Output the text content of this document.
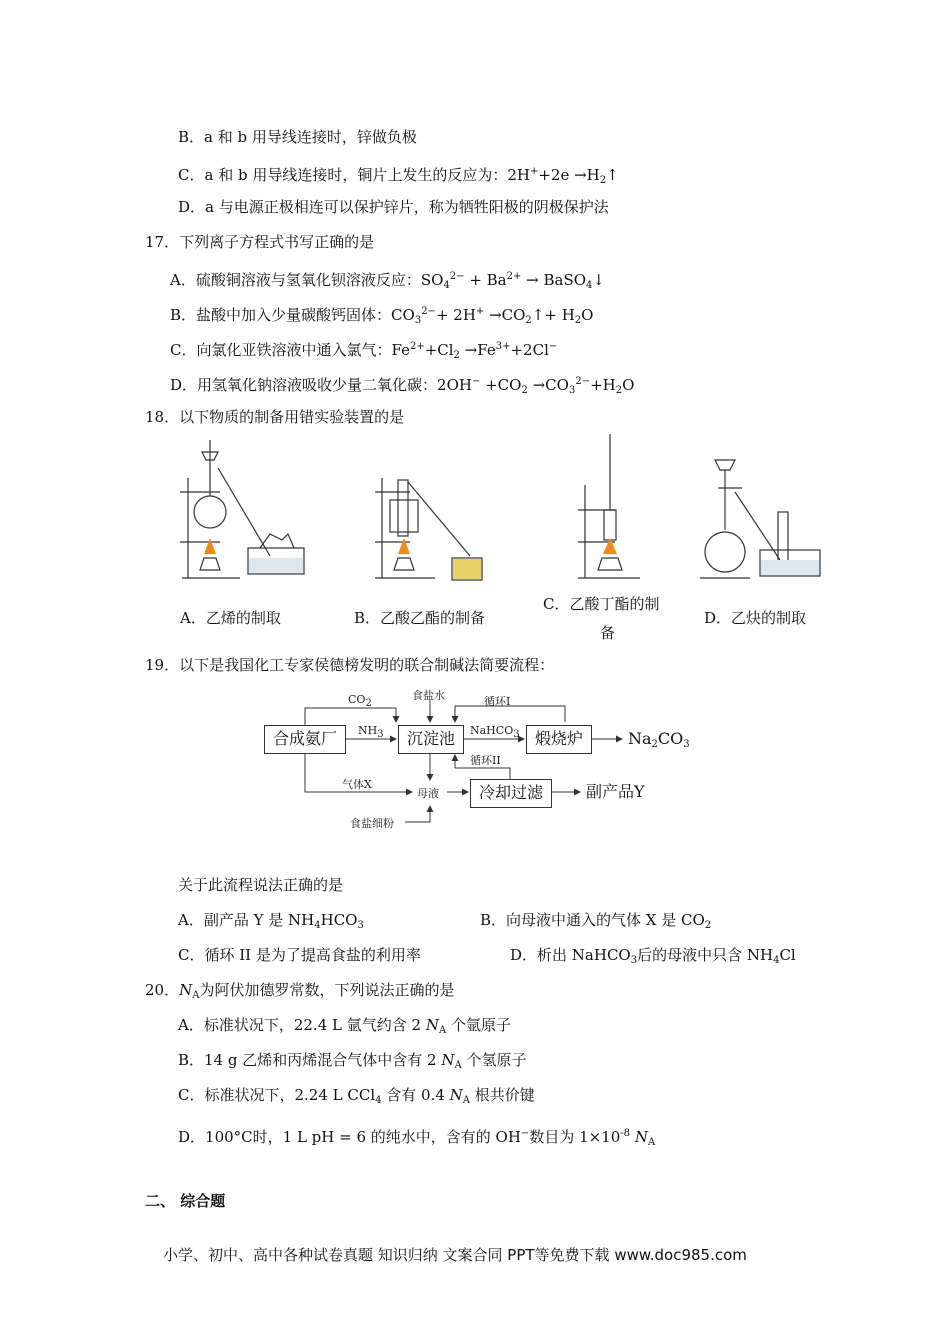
B．a 和 b 用导线连接时，锌做负极
C．a 和 b 用导线连接时，铜片上发生的反应为：$2H^++2e \to H_2↑$
D．a 与电源正极相连可以保护锌片，称为牺牲阳极的阴极保护法
17．下列离子方程式书写正确的是
A．硫酸铜溶液与氢氧化钡溶液反应：$SO_4^{2-} + Ba^{2+}$ → BaSO$_4$↓
B．盐酸中加入少量碳酸钙固体：$CO_3^{2-}+ 2H^+$ $\to CO_2↑+ H_2O$
C．向氯化亚铁溶液中通入氯气：$Fe^{2+}+Cl_2 \to Fe^{3+}+2Cl^-$
D．用氢氧化钠溶液吸收少量二氧化碳：$2OH^- +CO_2 \to CO_3^{2-}+H_2O$
18．以下物质的制备用错实验装置的是
A．乙烯的制取	B．乙酸乙酯的制备
C．乙酸丁酯的制
备
D．乙炔的制取
19．以下是我国化工专家侯德榜发明的联合制碱法简要流程：
合成氨厂	沉淀池	煅烧炉
冷却过滤
CO2
食盐水	循环I
NH3	NaHCO3
循环II
气体X
母液
食盐细粉
$Na_2CO_3$
副产品Y
关于此流程说法正确的是
A．副产品 Y 是 $NH_4HCO_3$	B．向母液中通入的气体 X 是 $CO_2$
C．循环 II 是为了提高食盐的利用率	D．析出 NaHCO$_3$后的母液中只含 $NH_4Cl$
20．$N_A$为阿伏加德罗常数，下列说法正确的是
A．标准状况下，22.4 L 氩气约含 2 $N_A$ 个氩原子
B．14 g 乙烯和丙烯混合气体中含有 2 $N_A$ 个氢原子
C．标准状况下，2.24 L CCl$_4$ 含有 0.4 $N_A$ 根共价键
D．100°C时，1 L pH = 6 的纯水中，含有的 OH−数目为 $1\times 10^{-8}$ $N_A$
二、 综合题
小学、初中、高中各种试卷真题 知识归纳 文案合同 PPT等免费下载 www.doc985.com
